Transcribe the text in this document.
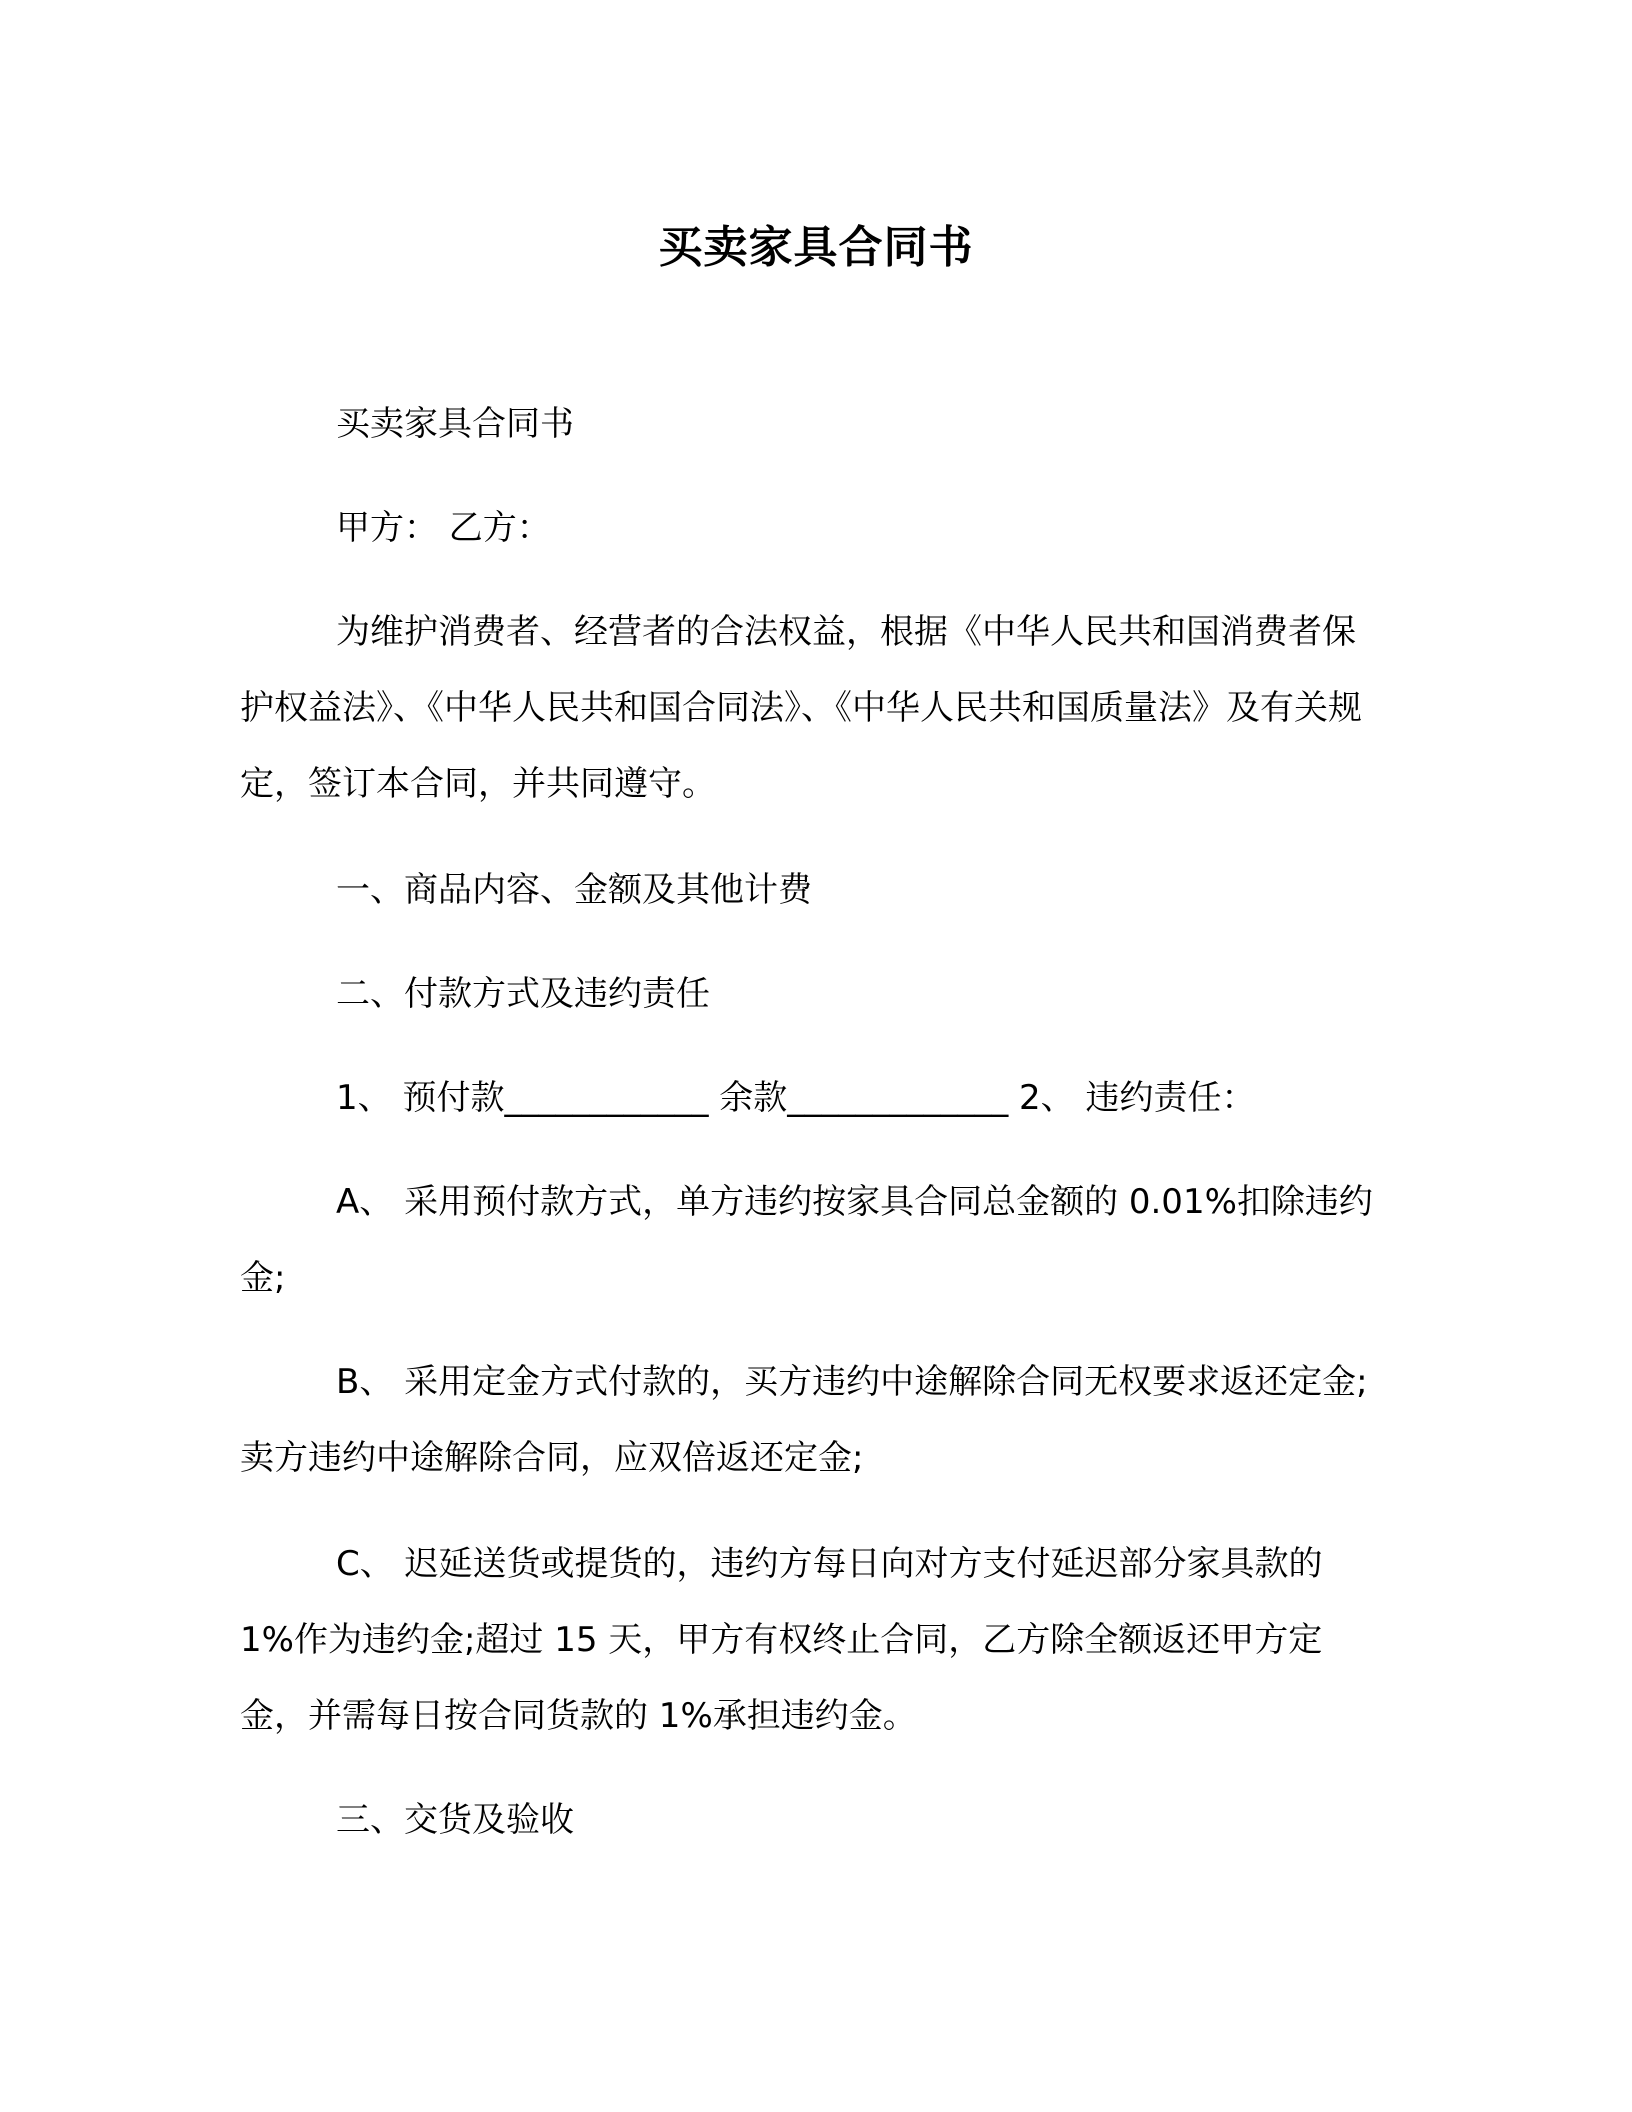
买卖家具合同书

买卖家具合同书

甲方： 乙方：

为维护消费者、经营者的合法权益，根据《中华人民共和国消费者保护权益法》、《中华人民共和国合同法》、《中华人民共和国质量法》及有关规定，签订本合同，并共同遵守。

一、商品内容、金额及其他计费

二、付款方式及违约责任

1、 预付款____________ 余款_____________ 2、 违约责任：

A、 采用预付款方式，单方违约按家具合同总金额的 0.01%扣除违约金;

B、 采用定金方式付款的，买方违约中途解除合同无权要求返还定金;卖方违约中途解除合同，应双倍返还定金;

C、 迟延送货或提货的，违约方每日向对方支付延迟部分家具款的 1%作为违约金;超过 15 天，甲方有权终止合同，乙方除全额返还甲方定金，并需每日按合同货款的 1%承担违约金。

三、交货及验收
